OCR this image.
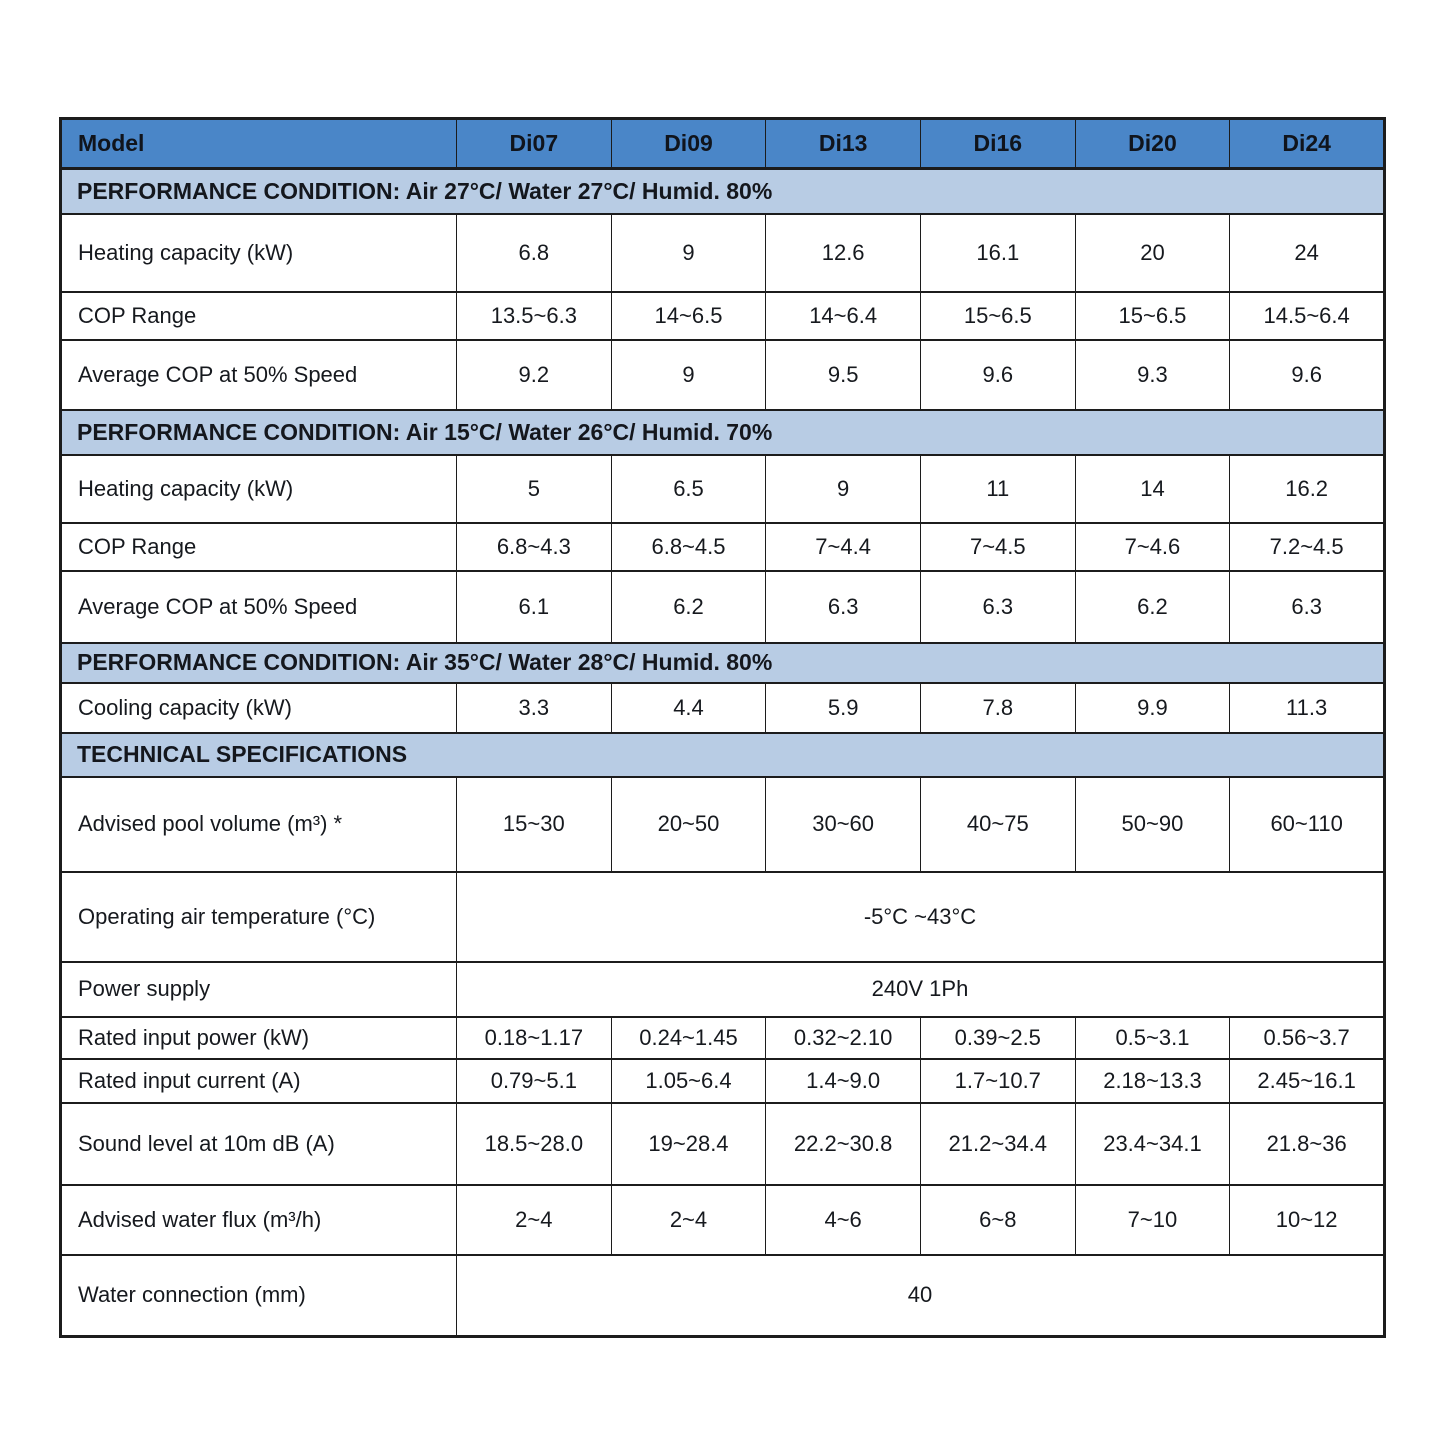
Model	Di07	Di09	Di13	Di16	Di20	Di24
PERFORMANCE CONDITION: Air 27°C/ Water 27°C/ Humid. 80%						
Heating capacity (kW)	6.8	9	12.6	16.1	20	24
COP Range	13.5~6.3	14~6.5	14~6.4	15~6.5	15~6.5	14.5~6.4
Average COP at 50% Speed	9.2	9	9.5	9.6	9.3	9.6
PERFORMANCE CONDITION: Air 15°C/ Water 26°C/ Humid. 70%						
Heating capacity (kW)	5	6.5	9	11	14	16.2
COP Range	6.8~4.3	6.8~4.5	7~4.4	7~4.5	7~4.6	7.2~4.5
Average COP at 50% Speed	6.1	6.2	6.3	6.3	6.2	6.3
PERFORMANCE CONDITION: Air 35°C/ Water 28°C/ Humid. 80%						
Cooling capacity (kW)	3.3	4.4	5.9	7.8	9.9	11.3
TECHNICAL SPECIFICATIONS						
Advised pool volume (m³) *	15~30	20~50	30~60	40~75	50~90	60~110
Operating air temperature (°C)	-5°C ~43°C					
Power supply	240V 1Ph					
Rated input power (kW)	0.18~1.17	0.24~1.45	0.32~2.10	0.39~2.5	0.5~3.1	0.56~3.7
Rated input current (A)	0.79~5.1	1.05~6.4	1.4~9.0	1.7~10.7	2.18~13.3	2.45~16.1
Sound level at 10m dB (A)	18.5~28.0	19~28.4	22.2~30.8	21.2~34.4	23.4~34.1	21.8~36
Advised water flux (m³/h)	2~4	2~4	4~6	6~8	7~10	10~12
Water connection (mm)	40					
